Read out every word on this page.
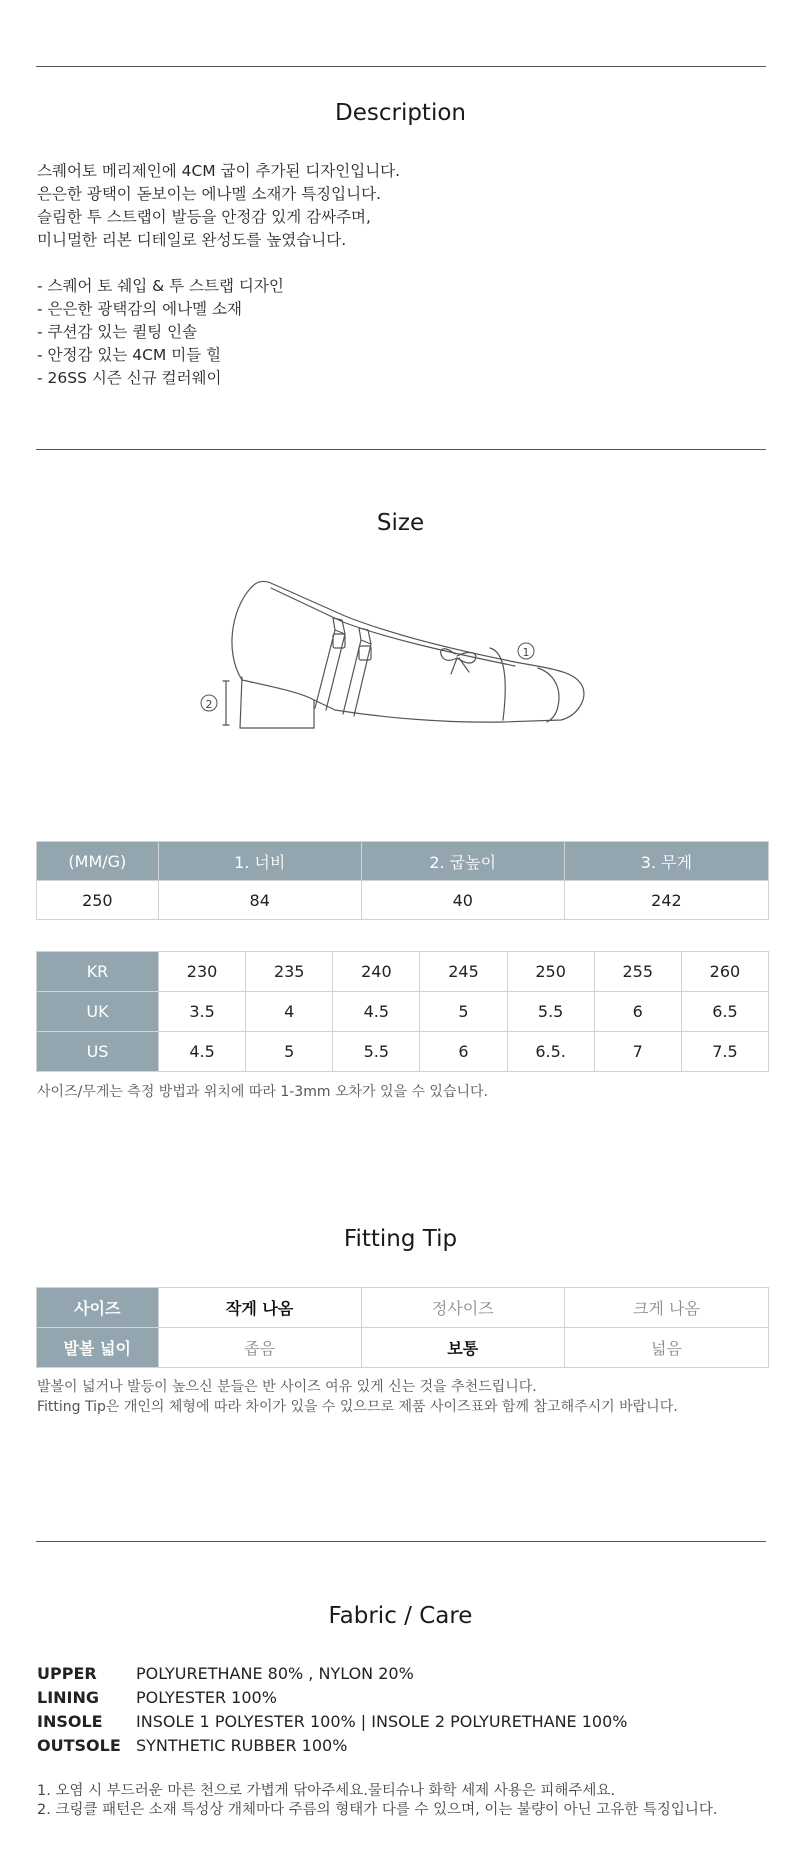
Description
스퀘어토 메리제인에 4CM 굽이 추가된 디자인입니다.
은은한 광택이 돋보이는 에나멜 소재가 특징입니다.
슬림한 투 스트랩이 발등을 안정감 있게 감싸주며,
미니멀한 리본 디테일로 완성도를 높였습니다.
- 스퀘어 토 쉐입 & 투 스트랩 디자인
- 은은한 광택감의 에나멜 소재
- 쿠션감 있는 퀼팅 인솔
- 안정감 있는 4CM 미들 힐
- 26SS 시즌 신규 컬러웨이
Size
1
2
(MM/G)	1. 너비	2. 굽높이	3. 무게
250	84	40	242
KR	230	235	240	245	250	255	260
UK	3.5	4	4.5	5	5.5	6	6.5
US	4.5	5	5.5	6	6.5.	7	7.5
사이즈/무게는 측정 방법과 위치에 따라 1-3mm 오차가 있을 수 있습니다.
Fitting Tip
사이즈	작게 나옴	정사이즈	크게 나옴
발볼 넓이	좁음	보통	넓음
발볼이 넓거나 발등이 높으신 분들은 반 사이즈 여유 있게 신는 것을 추천드립니다.
Fitting Tip은 개인의 체형에 따라 차이가 있을 수 있으므로 제품 사이즈표와 함께 참고해주시기 바랍니다.
Fabric / Care
UPPER	POLYURETHANE 80% , NYLON 20%
LINING	POLYESTER 100%
INSOLE	INSOLE 1 POLYESTER 100% | INSOLE 2 POLYURETHANE 100%
OUTSOLE SYNTHETIC RUBBER 100%
1. 오염 시 부드러운 마른 천으로 가볍게 닦아주세요.물티슈나 화학 세제 사용은 피해주세요.
2. 크링클 패턴은 소재 특성상 개체마다 주름의 형태가 다를 수 있으며, 이는 불량이 아닌 고유한 특징입니다.
